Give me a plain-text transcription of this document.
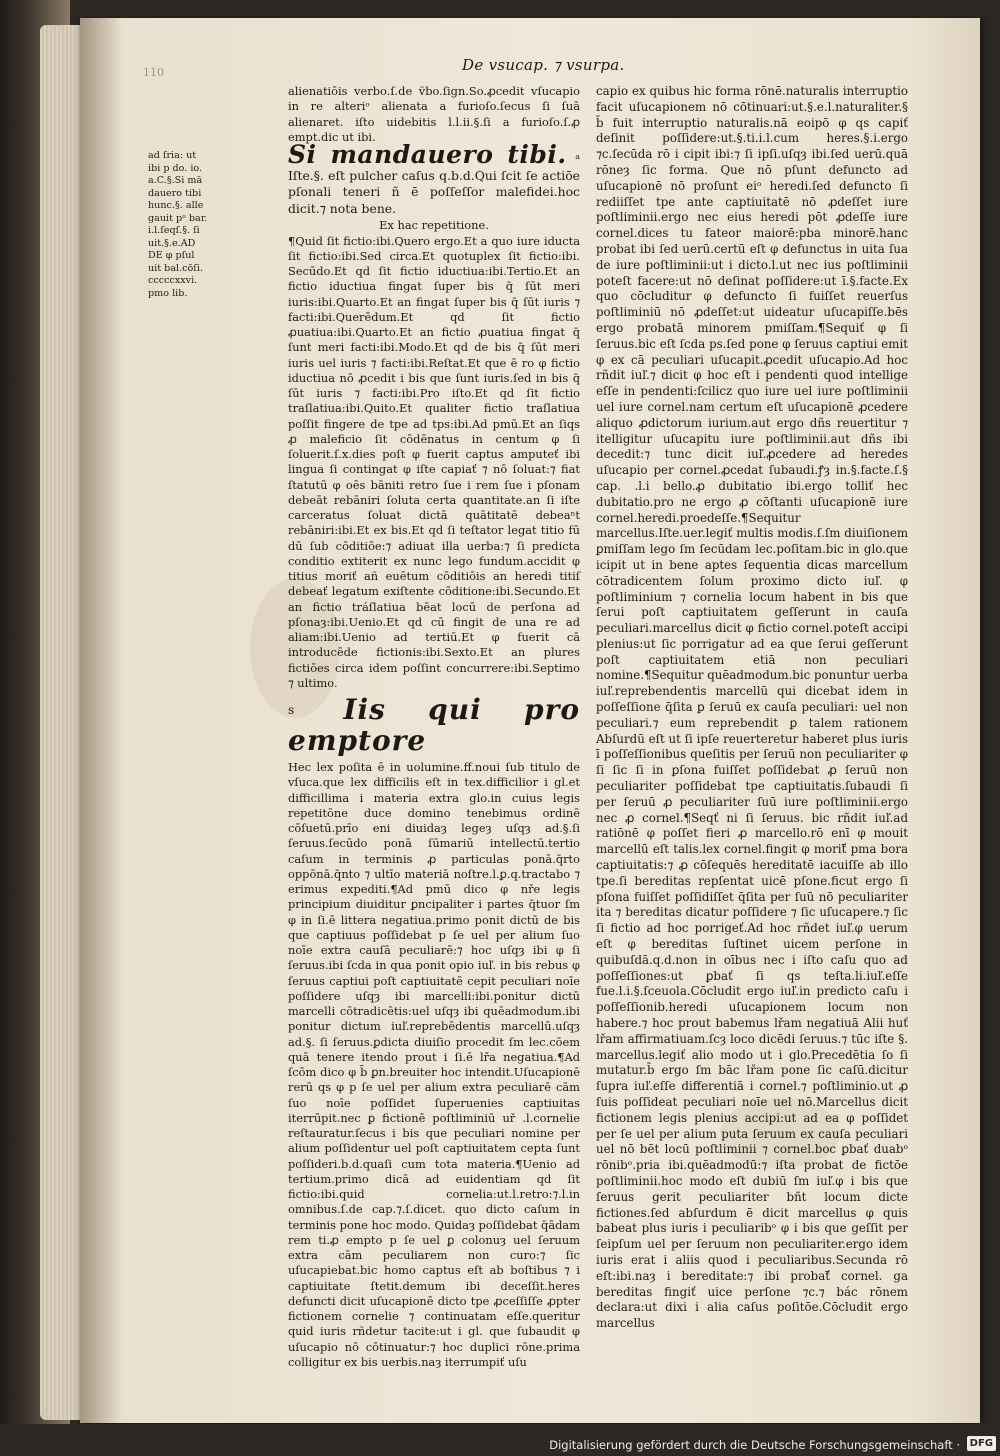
110	De vsucap. ⁊ vsurpa.
ad ſria: ut
ibi p do. io.
a.C.§.Si mā
dauero tibi
hunc.§. alle
gauit pᵒ bar.
i.l.ſeqſ.§. ſi
uit.§.e.AD
DE φ pſul
uit bal.cōſi.
cccccxxvi.
pmo lib.

alienatiōis verbo.ſ.de ṽbo.ſign.So.ꝓcedit vſucapio in re alteriᵒ alienata a furioſo.ſecus ſi ſuā alienaret. iſto uidebitis l.l.ii.§.ſi a furioſo.ſ.ꝓ empt.dic ut ibi.

Si mandauero tibi. ᵃ Iſte.§. eſt pulcher caſus q.b.d.Qui ſcit ſe actiōe pſonali teneri ñ ē poſſeſſor malefidei.hoc dicit.⁊ nota bene.

Ex hac repetitione.

¶Quid ſit fictio:ibi.Quero ergo.Et a quo iure iducta ſit fictio:ibi.Sed circa.Et quotuplex ſit fictio:ibi. Secūdo.Et qd ſit fictio iductiua:ibi.Tertio.Et an fictio iductiua fingat ſuper bis q̄ ſūt meri iuris:ibi.Quarto.Et an fingat ſuper bis q̄ ſūt iuris ⁊ facti:ibi.Querēdum.Et qd ſit fictio ꝓuatiua:ibi.Quarto.Et an fictio ꝓuatiua fingat q̄ ſunt meri facti:ibi.Modo.Et qd de bis q̄ ſūt meri iuris uel iuris ⁊ facti:ibi.Reſtat.Et que ē ro φ fictio iductiua nō ꝓcedit i bis que ſunt iuris.ſed in bis q̄ ſūt iuris ⁊ facti:ibi.Pro iſto.Et qd ſit fictio traſlatiua:ibi.Quito.Et qualiter fictio traſlatiua poſſit fingere de tpe ad tps:ibi.Ad pmū.Et an ſiqs ꝓ maleficio ſit cōdēnatus in centum φ ſi ſoluerit.ſ.x.dies poſt φ fuerit captus amputeť ibi lingua ſi contingat φ iſte capiať ⁊ nō ſoluat:⁊ fiat ſtatutū φ oēs bāniti retro ſue i rem ſue i pſonam debeāt rebāniri ſoluta certa quantitate.an ſi iſte carceratus ſoluat dictā quātitatē debeaⁿt rebāniri:ibi.Et ex bis.Et qd ſi teſtator legat titio fū dū ſub cōditiōe:⁊ adiuat illa uerba:⁊ ſi predicta conditio extiterit ex nunc lego fundum.accidit φ titius moriť añ euētum cōditiōis an heredi titiſ debeať legatum exiſtente cōditione:ibi.Secundo.Et an fictio tráſlatiua bēat locū de perſona ad pſonaȝ:ibi.Uenio.Et qd cū fingit de una re ad aliam:ibi.Uenio ad tertiū.Et φ fuerit cā introducēde fictionis:ibi.Sexto.Et an plures fictiōes circa idem poſſint concurrere:ibi.Septimo ⁊ ultimo.

s Iis qui pro emptore

Hec lex poſita ē in uolumine.ff.noui ſub titulo de vſuca.que lex difficilis eſt in tex.difficilior i gl.et difficillima i materia extra glo.in cuius legis repetitōne duce domino tenebimus ordinē cōſuetū.prīo eni diuidaȝ legeȝ uſqȝ ad.§.ſi ſeruus.ſecūdo ponā ſūmariū intellectū.tertio caſum in terminis ꝓ particulas ponā.q̄rto oppōnā.q̄nto ⁊ ultīo materiā noſtre.l.ꝑ.q.tractabo ⁊ erimus expediti.¶Ad pmū dico φ nře legis principium diuiditur ꝑncipaliter i partes q̄tuor ſm φ in ſi.ē littera negatiua.primo ponit dictū de bis que captiuus poſſidebat p ſe uel per alium ſuo noīe extra cauſā peculiarē:⁊ hoc uſqȝ ibi φ ſi ſeruus.ibi ſcda in qua ponit opio iuľ. in bis rebus φ ſeruus captiui poſt captiuitatē cepit peculiari noīe poſſidere uſqȝ ibi marcelli:ibi.ponitur dictū marcelli cōtradicētis:uel uſqȝ ibi quēadmodum.ibi ponitur dictum iuľ.reprebēdentis marcellū.uſqȝ ad.§. ſi ſeruus.ꝑdicta diuiſio procedit ſm lec.cōem quā tenere itendo prout i ſi.ē lřa negatiua.¶Ad ſcōm dico φ b̄ ꝑn.breuiter hoc intendit.Uſucapionē rerū qs φ p ſe uel per alium extra peculiarē cām ſuo noīe poſſidet ſuperuenies captiuitas iterrūpit.nec ꝑ fictionē poſtliminiū uř .l.cornelie reſtauratur.ſecus i bis que peculiari nomine per alium poſſidentur uel poſt captiuitatem cepta ſunt poſſideri.b.d.quaſi cum tota materia.¶Uenio ad tertium.primo dicā ad euidentiam qd ſit fictio:ibi.quid cornelia:ut.l.retro:⁊.l.in omnibus.ſ.de cap.⁊.ſ.dicet. quo dicto caſum in terminis pone hoc modo. Quidaȝ poſſidebat q̄ādam rem ti.ꝓ empto p ſe uel ꝑ colonuȝ uel ſeruum extra cām peculiarem non curo:⁊ ſic uſucapiebat.bic homo captus eſt ab boſtibus ⁊ i captiuitate ſtetit.demum ibi deceſſit.heres defuncti dicit uſucapionē dicto tpe ꝓceſſiſſe ꝓpter fictionem cornelie ⁊ continuatam eſſe.queritur quid iuris rñdetur tacite:ut i gl. que ſubaudit φ uſucapio nō cōtinuatur:⁊ hoc duplici rōne.prima colligitur ex bis uerbis.naȝ iterrumpiť uſu

capio ex quibus hic forma rōnē.naturalis interruptio facit uſucapionem nō cōtinuari:ut.§.e.l.naturaliter.§ b̄ fuit interruptio naturalis.nā eoipō φ qs capiť deſinit poſſidere:ut.§.ti.i.l.cum heres.§.i.ergo ⁊c.ſecūda rō i cipit ibi:⁊ ſi ipſi.uſqȝ ibi.ſed uerū.quā rōneȝ ſic forma. Que nō pſunt defuncto ad uſucapionē nō proſunt eiᵒ heredi.ſed defuncto ſi rediiſſet tpe ante captiuitatē nō ꝓdeſſet iure poſtliminii.ergo nec eius heredi pōt ꝓdeſſe iure cornel.dices tu fateor maiorē:pba minorē.hanc probat ibi ſed uerū.certū eſt φ defunctus in uita ſua de iure poſtliminii:ut i dicto.l.ut nec ius poſtliminii poteſt facere:ut nō deſinat poſſidere:ut ī.§.facte.Ex quo cōcluditur φ defuncto ſi fuiſſet reuerſus poſtliminiū nō ꝓdeſſet:ut uideatur uſucapiſſe.bēs ergo probatā minorem pmiſſam.¶Sequiť φ ſi ſeruus.bic eſt ſcda ps.ſed pone φ ſeruus captiui emit φ ex cā peculiari uſucapit.ꝓcedit uſucapio.Ad hoc rñdit iuľ.⁊ dicit φ hoc eſt i pendenti quod intellige eſſe in pendenti:ſcilicz quo iure uel iure poſtliminii uel iure cornel.nam certum eſt uſucapionē ꝓcedere aliquo ꝓdictorum iurium.aut ergo dñs reuertitur ⁊ itelligitur uſucapitu iure poſtliminii.aut dñs ibi decedit:⁊ tunc dicit iuľ.ꝓcedere ad heredes uſucapio per cornel.ꝓcedat ſubaudi.ꝭȝ in.§.facte.ſ.§ cap. .l.i bello.ꝓ dubitatio ibi.ergo tolliť hec dubitatio.pro ne ergo ꝓ cōſtanti uſucapionē iure cornel.heredi.proedeſſe.¶Sequitur marcellus.Iſte.uer.legiť multis modis.ſ.ſm diuiſionem ꝑmiſſam lego ſm ſecūdam lec.poſitam.bic in glo.que icipit ut in bene aptes ſequentia dicas marcellum cōtradicentem ſolum proximo dicto iuľ. φ poſtliminium ⁊ cornelia locum habent in bis que ſerui poſt captiuitatem geſſerunt in cauſa peculiari.marcellus dicit φ fictio cornel.poteſt accipi plenius:ut ſic porrigatur ad ea que ſerui geſſerunt poſt captiuitatem etiā non peculiari nomine.¶Sequitur quēadmodum.bic ponuntur uerba iuľ.reprebendentis marcellū qui dicebat idem in poſſeſſione q̄ſita ꝑ ſeruū ex cauſa peculiari: uel non peculiari.⁊ eum reprebendit ꝑ talem rationem Abſurdū eſt ut ſi ipſe reuerteretur haberet plus iuris ī poſſeſſionibus queſitis per ſeruū non peculiariter φ ſi ſic ſi in ꝑſona fuiſſet poſſidebat ꝓ ſeruū non peculiariter poſſidebat tpe captiuitatis.ſubaudi ſi per ſeruū ꝓ peculiariter ſuū iure poſtliminii.ergo nec ꝓ cornel.¶Seqť ni ſi ſeruus. bic rñdit iuľ.ad ratiōnē φ poſſet fieri ꝓ marcello.rō enī φ mouit marcellū eſt talis.lex cornel.fingit φ moriť̄ pma bora captiuitatis:⁊ ꝓ cōſequēs hereditatē iacuiſſe ab illo tpe.ſi bereditas repſentat uicē pſone.ficut ergo ſi pſona fuiſſet poſſidiſſet q̄ſita per ſuū nō peculiariter ita ⁊ bereditas dicatur poſſidere ⁊ ſic uſucapere.⁊ ſic ſi fictio ad hoc porrigeť.Ad hoc rñdet iuľ.φ uerum eſt φ bereditas ſuſtinet uicem perſone in quibuſdā.q.d.non in oībus nec i iſto caſu quo ad poſſeſſiones:ut ꝑbať ſi qs teſta.li.iuľ.eſſe fue.l.i.§.ſceuola.Cōcludit ergo iuľ.in predicto caſu i poſſeſſionib.heredi uſucapionem locum non habere.⁊ hoc prout babemus lřam negatiuā Alii huť lřam affirmatiuam.ſcȝ loco dicēdi ſeruus.⁊ tūc iſte §. marcellus.legiť alio modo ut i glo.Precedētia ſo ſi mutatur.b̄ ergo ſm bāc lřam pone ſic caſū.dicitur ſupra iuľ.eſſe differentiā i cornel.⁊ poſtliminio.ut ꝓ ſuis poſſideat peculiari noīe uel nō.Marcellus dicit fictionem legis plenius accipi:ut ad ea φ poſſidet per ſe uel per alium puta ſeruum ex cauſa peculiari uel nō bēt locū poſtliminii ⁊ cornel.boc ꝑbať duabᵒ rōnibᵒ.pria ibi.quēadmodū:⁊ iſta probat de fictōe poſtliminii.hoc modo eſt dubiū ſm iuľ.φ i bis que ſeruus gerit peculiariter bñt locum dicte fictiones.ſed abſurdum ē dicit marcellus φ quis babeat plus iuris i peculiaribᵒ φ i bis que geſſit per ſeipſum uel per ſeruum non peculiariter.ergo idem iuris erat i aliis quod i peculiaribus.Secunda rō eſt:ibi.naȝ i bereditate:⁊ ibi probať̄ cornel. ga bereditas fingiť uice perſone ⁊c.⁊ bác rōnem declara:ut dixi i alia caſus poſitōe.Cōcludit ergo marcellus

Digitalisierung gefördert durch die Deutsche Forschungsgemeinschaft · DFG
